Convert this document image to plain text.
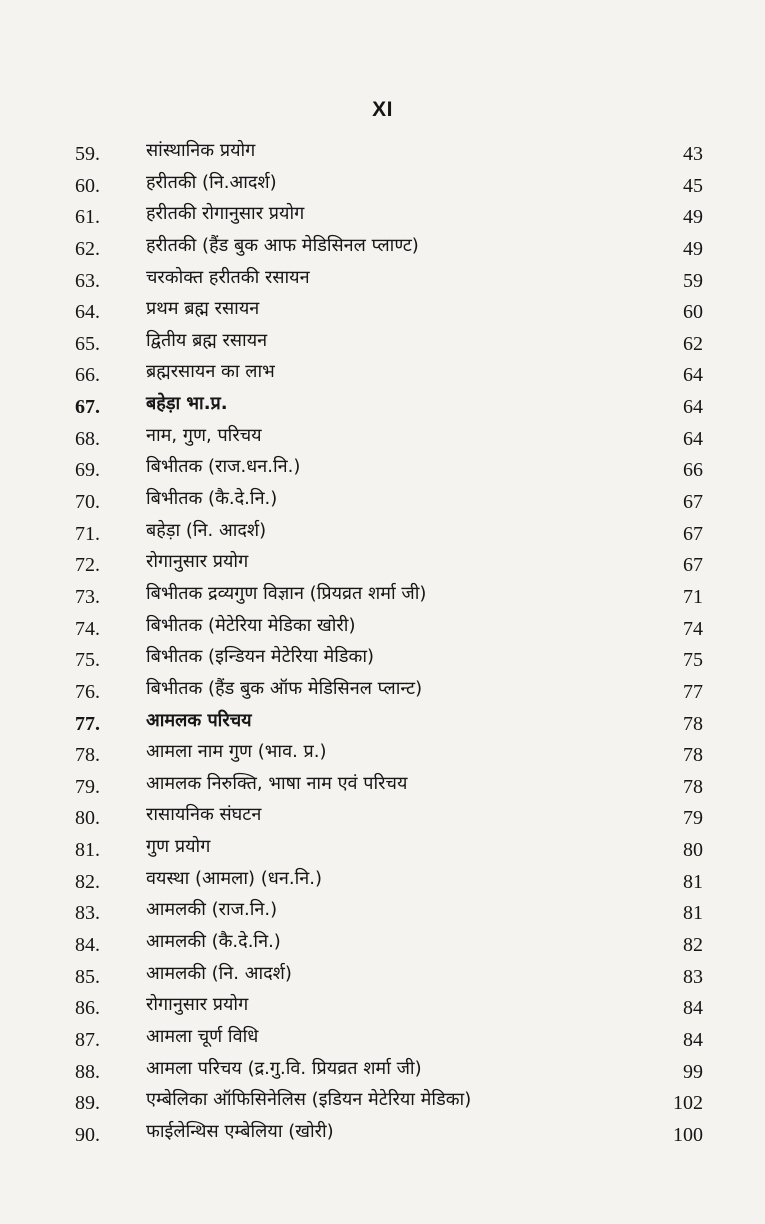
XI
59.	सांस्थानिक प्रयोग	43
60.	हरीतकी (नि.आदर्श)	45
61.	हरीतकी रोगानुसार प्रयोग	49
62.	हरीतकी (हैंड बुक आफ मेडिसिनल प्लाण्ट)	49
63.	चरकोक्त हरीतकी रसायन	59
64.	प्रथम ब्रह्म रसायन	60
65.	द्वितीय ब्रह्म रसायन	62
66.	ब्रह्मरसायन का लाभ	64
67.	बहेड़ा भा.प्र.	64
68.	नाम, गुण, परिचय	64
69.	बिभीतक (राज.धन.नि.)	66
70.	बिभीतक (कै.दे.नि.)	67
71.	बहेड़ा (नि. आदर्श)	67
72.	रोगानुसार प्रयोग	67
73.	बिभीतक द्रव्यगुण विज्ञान (प्रियव्रत शर्मा जी)	71
74.	बिभीतक (मेटेरिया मेडिका खोरी)	74
75.	बिभीतक (इन्डियन मेटेरिया मेडिका)	75
76.	बिभीतक (हैंड बुक ऑफ मेडिसिनल प्लान्ट)	77
77.	आमलक परिचय	78
78.	आमला नाम गुण (भाव. प्र.)	78
79.	आमलक निरुक्ति, भाषा नाम एवं परिचय	78
80.	रासायनिक संघटन	79
81.	गुण प्रयोग	80
82.	वयस्था (आमला) (धन.नि.)	81
83.	आमलकी (राज.नि.)	81
84.	आमलकी (कै.दे.नि.)	82
85.	आमलकी (नि. आदर्श)	83
86.	रोगानुसार प्रयोग	84
87.	आमला चूर्ण विधि	84
88.	आमला परिचय (द्र.गु.वि. प्रियव्रत शर्मा जी)	99
89.	एम्बेलिका ऑफिसिनेलिस (इडियन मेटेरिया मेडिका)	102
90.	फाईलेन्थिस एम्बेलिया (खोरी)	100
